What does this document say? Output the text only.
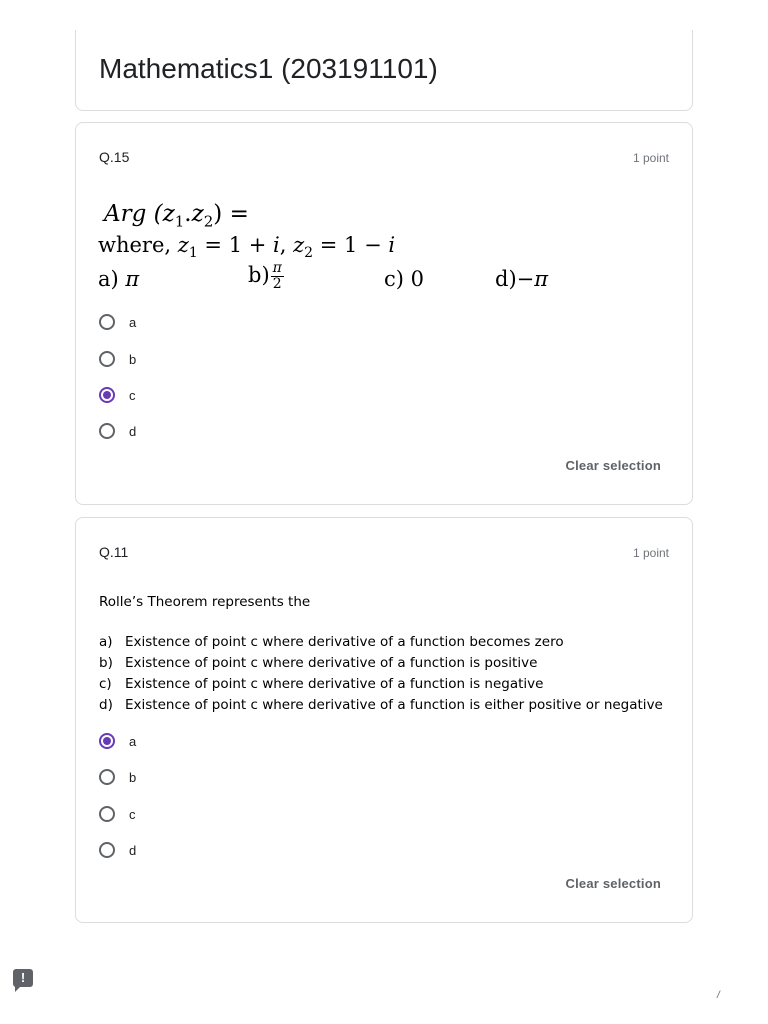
Mathematics1 (203191101)
Q.15	1 point
Arg $(z_1.z_2)$ =
where, $z_1 = 1 + i$, $z_2 = 1 - i$
a) π	$b) \frac{\pi}{2}$	c) 0	d)−π
a
b
c
d
Clear selection
Q.11	1 point
Rolle’s Theorem represents the
a) Existence of point c where derivative of a function becomes zero
b) Existence of point c where derivative of a function is positive
c) Existence of point c where derivative of a function is negative
d) Existence of point c where derivative of a function is either positive or negative
a
b
c
d
Clear selection
!
/
